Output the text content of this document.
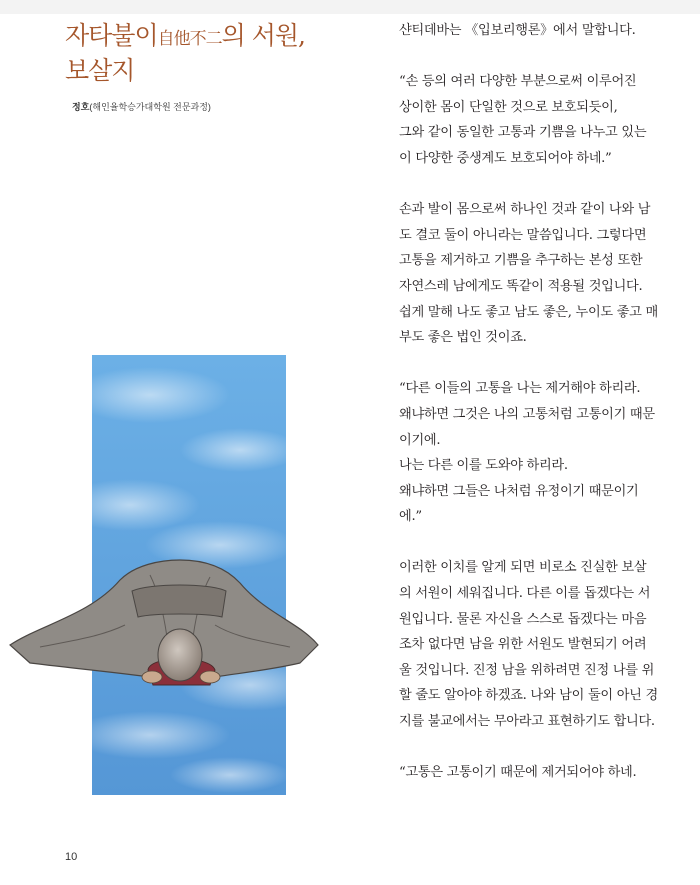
자타불이自他不二의 서원,
보살지
정호(해인율학승가대학원 전문과정)

샨티데바는 《입보리행론》에서 말합니다.

“손 등의 여러 다양한 부분으로써 이루어진
상이한 몸이 단일한 것으로 보호되듯이,
그와 같이 동일한 고통과 기쁨을 나누고 있는
이 다양한 중생계도 보호되어야 하네.”

손과 발이 몸으로써 하나인 것과 같이 나와 남
도 결코 둘이 아니라는 말씀입니다. 그렇다면
고통을 제거하고 기쁨을 추구하는 본성 또한
자연스레 남에게도 똑같이 적용될 것입니다.
쉽게 말해 나도 좋고 남도 좋은, 누이도 좋고 매
부도 좋은 법인 것이죠.

“다른 이들의 고통을 나는 제거해야 하리라.
왜냐하면 그것은 나의 고통처럼 고통이기 때문
이기에.
나는 다른 이를 도와야 하리라.
왜냐하면 그들은 나처럼 유정이기 때문이기
에.”

이러한 이치를 알게 되면 비로소 진실한 보살
의 서원이 세워집니다. 다른 이를 돕겠다는 서
원입니다. 물론 자신을 스스로 돕겠다는 마음
조차 없다면 남을 위한 서원도 발현되기 어려
울 것입니다. 진정 남을 위하려면 진정 나를 위
할 줄도 알아야 하겠죠. 나와 남이 둘이 아닌 경
지를 불교에서는 무아라고 표현하기도 합니다.

“고통은 고통이기 때문에 제거되어야 하네.

10
